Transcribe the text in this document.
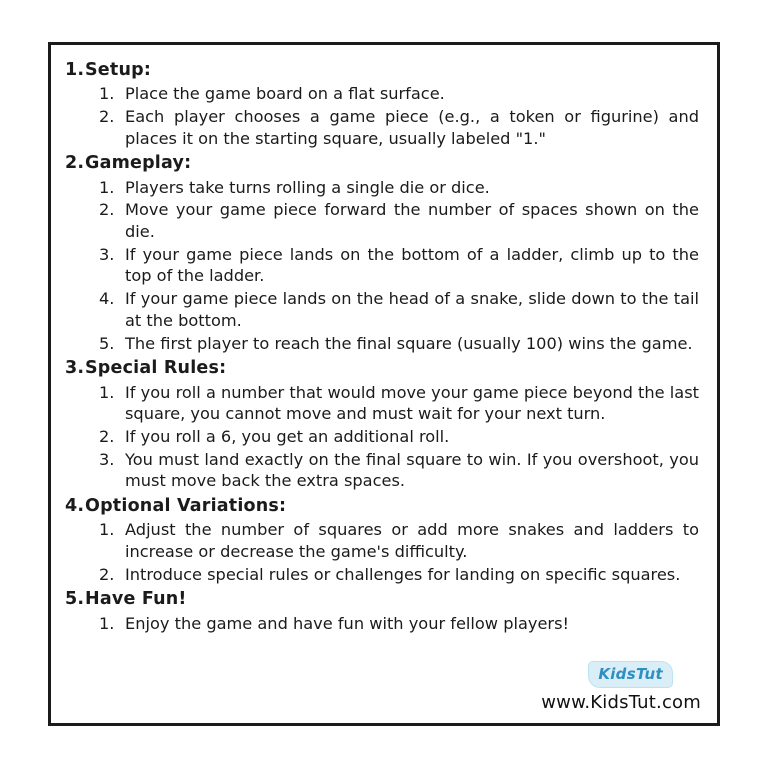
1.Setup:
1. Place the game board on a flat surface.
2. Each player chooses a game piece (e.g., a token or figurine) and places it on the starting square, usually labeled "1."
2.Gameplay:
1. Players take turns rolling a single die or dice.
2. Move your game piece forward the number of spaces shown on the die.
3. If your game piece lands on the bottom of a ladder, climb up to the top of the ladder.
4. If your game piece lands on the head of a snake, slide down to the tail at the bottom.
5. The first player to reach the final square (usually 100) wins the game.
3.Special Rules:
1. If you roll a number that would move your game piece beyond the last square, you cannot move and must wait for your next turn.
2. If you roll a 6, you get an additional roll.
3. You must land exactly on the final square to win. If you overshoot, you must move back the extra spaces.
4.Optional Variations:
1. Adjust the number of squares or add more snakes and ladders to increase or decrease the game's difficulty.
2. Introduce special rules or challenges for landing on specific squares.
5.Have Fun!
1. Enjoy the game and have fun with your fellow players!
KidsTut
www.KidsTut.com
